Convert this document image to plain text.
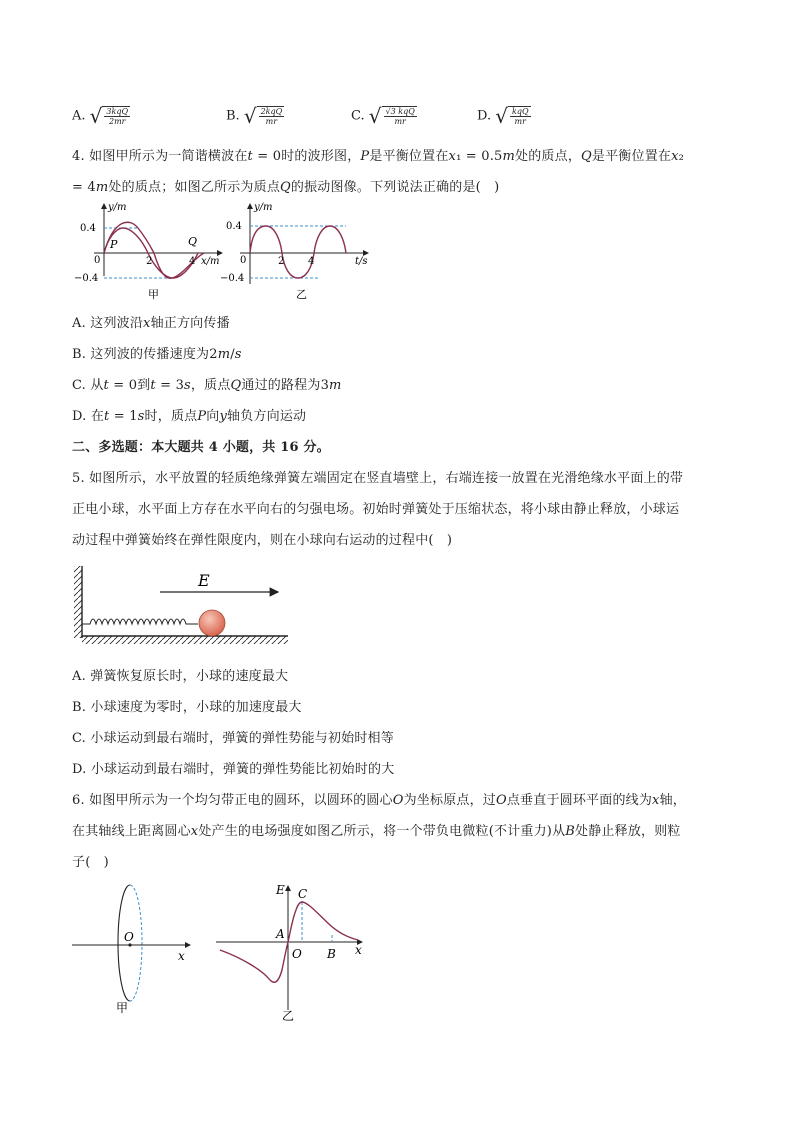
A. √ $\frac{\text{3kqQ}}{2mr}$	B. √ $\frac{\text{2kqQ}}{mr}$	C. √ $\frac{\text{√3 kqQ}}{mr}$	D. √ $\frac{\text{kqQ}}{mr}$
4. 如图甲所示为一简谐横波在𝑡 = 0时的波形图，𝑃是平衡位置在𝑥₁ = 0.5𝑚处的质点，𝑄是平衡位置在𝑥₂
= 4𝑚处的质点；如图乙所示为质点𝑄的振动图像。下列说法正确的是(　)
y/m
0.4
0
−0.4
2	4
P	Q
x/m
甲
y/m
0.4
0
−0.4
2 4	t/s
乙
A. 这列波沿𝑥轴正方向传播
B. 这列波的传播速度为2𝑚/𝑠
C. 从𝑡 = 0到𝑡 = 3𝑠，质点𝑄通过的路程为3𝑚
D. 在𝑡 = 1𝑠时，质点𝑃向𝑦轴负方向运动
二、多选题：本大题共 4 小题，共 16 分。
5. 如图所示，水平放置的轻质绝缘弹簧左端固定在竖直墙壁上，右端连接一放置在光滑绝缘水平面上的带
正电小球，水平面上方存在水平向右的匀强电场。初始时弹簧处于压缩状态，将小球由静止释放，小球运
动过程中弹簧始终在弹性限度内，则在小球向右运动的过程中(　)
E
A. 弹簧恢复原长时，小球的速度最大
B. 小球速度为零时，小球的加速度最大
C. 小球运动到最右端时，弹簧的弹性势能与初始时相等
D. 小球运动到最右端时，弹簧的弹性势能比初始时的大
6. 如图甲所示为一个均匀带正电的圆环，以圆环的圆心𝑂为坐标原点，过𝑂点垂直于圆环平面的线为𝑥轴，
在其轴线上距离圆心𝑥处产生的电场强度如图乙所示，将一个带负电微粒(不计重力)从𝐵处静止释放，则粒
子(　)
O
x
甲
E C
A
O B x
乙
